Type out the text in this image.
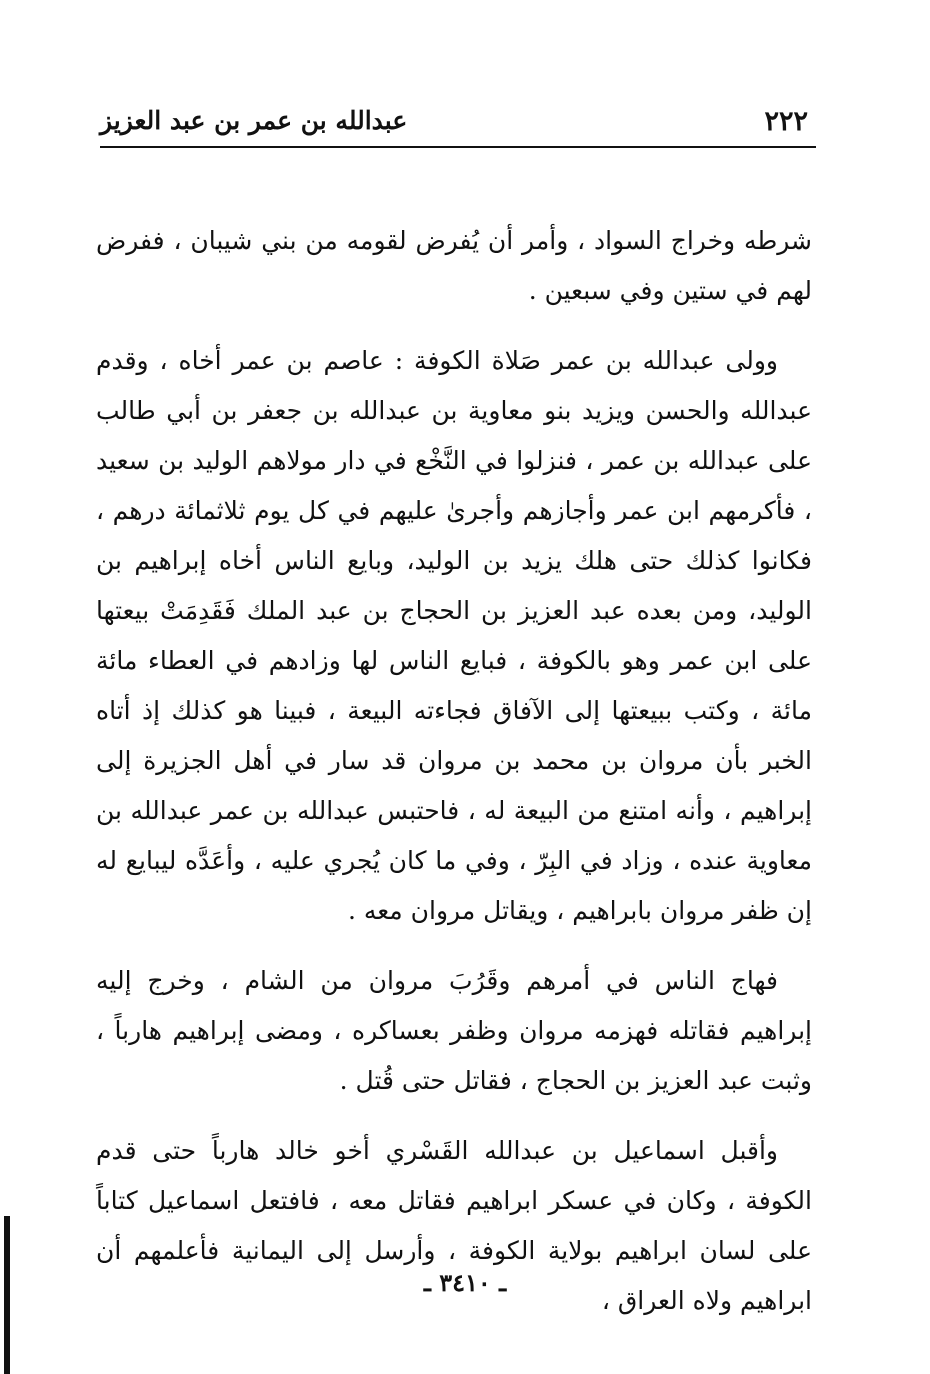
٢٢٢
عبدالله بن عمر بن عبد العزيز

شرطه وخراج السواد ، وأمر أن يُفرض لقومه من بني شيبان ، ففرض لهم في ستين وفي سبعين .

وولى عبدالله بن عمر صَلاة الكوفة : عاصم بن عمر أخاه ، وقدم عبدالله والحسن ويزيد بنو معاوية بن عبدالله بن جعفر بن أبي طالب على عبدالله بن عمر ، فنزلوا في النَّخْع في دار مولاهم الوليد بن سعيد ، فأكرمهم ابن عمر وأجازهم وأجرىٰ عليهم في كل يوم ثلاثمائة درهم ، فكانوا كذلك حتى هلك يزيد بن الوليد، وبايع الناس أخاه إبراهيم بن الوليد، ومن بعده عبد العزيز بن الحجاج بن عبد الملك فَقَدِمَتْ بيعتها على ابن عمر وهو بالكوفة ، فبايع الناس لها وزادهم في العطاء مائة مائة ، وكتب ببيعتها إلى الآفاق فجاءته البيعة ، فبينا هو كذلك إذ أتاه الخبر بأن مروان بن محمد بن مروان قد سار في أهل الجزيرة إلى إبراهيم ، وأنه امتنع من البيعة له ، فاحتبس عبدالله بن عمر عبدالله بن معاوية عنده ، وزاد في البِرّ ، وفي ما كان يُجري عليه ، وأعَدَّه ليبايع له إن ظفر مروان بابراهيم ، ويقاتل مروان معه .

فهاج الناس في أمرهم وقَرُبَ مروان من الشام ، وخرج إليه إبراهيم فقاتله فهزمه مروان وظفر بعساكره ، ومضى إبراهيم هارباً ، وثبت عبد العزيز بن الحجاج ، فقاتل حتى قُتل .

وأقبل اسماعيل بن عبدالله القَسْري أخو خالد هارباً حتى قدم الكوفة ، وكان في عسكر ابراهيم فقاتل معه ، فافتعل اسماعيل كتاباً على لسان ابراهيم بولاية الكوفة ، وأرسل إلى اليمانية فأعلمهم أن ابراهيم ولاه العراق ،

ـ ٣٤١٠ ـ
